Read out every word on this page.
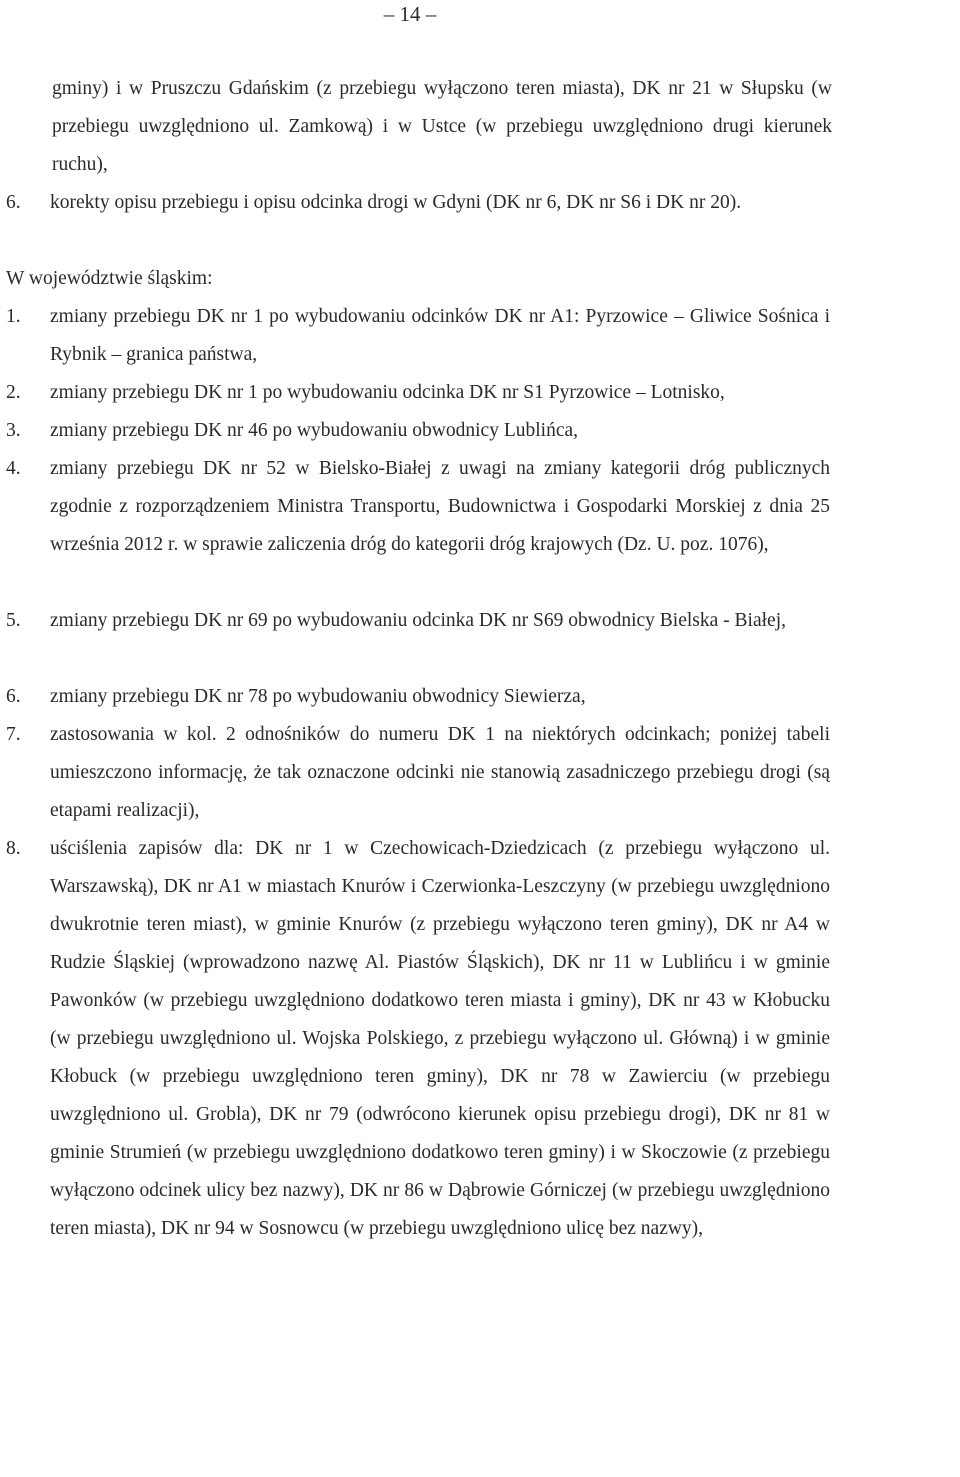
– 14 –

gminy) i w Pruszczu Gdańskim (z przebiegu wyłączono teren miasta), DK nr 21 w Słupsku (w przebiegu uwzględniono ul. Zamkową) i w Ustce (w przebiegu uwzględniono drugi kierunek ruchu),

6. korekty opisu przebiegu i opisu odcinka drogi w Gdyni (DK nr 6, DK nr S6 i DK nr 20).
W województwie śląskim:
1. zmiany przebiegu DK nr 1 po wybudowaniu odcinków DK nr A1: Pyrzowice – Gliwice Sośnica i Rybnik – granica państwa,
2. zmiany przebiegu DK nr 1 po wybudowaniu odcinka DK nr S1 Pyrzowice – Lotnisko,
3. zmiany przebiegu DK nr 46 po wybudowaniu obwodnicy Lublińca,
4. zmiany przebiegu DK nr 52 w Bielsko-Białej z uwagi na zmiany kategorii dróg publicznych zgodnie z rozporządzeniem Ministra Transportu, Budownictwa i Gospodarki Morskiej z dnia 25 września 2012 r. w sprawie zaliczenia dróg do kategorii dróg krajowych (Dz. U. poz. 1076),
5. zmiany przebiegu DK nr 69 po wybudowaniu odcinka DK nr S69 obwodnicy Bielska - Białej,
6. zmiany przebiegu DK nr 78 po wybudowaniu obwodnicy Siewierza,
7. zastosowania w kol. 2 odnośników do numeru DK 1 na niektórych odcinkach; poniżej tabeli umieszczono informację, że tak oznaczone odcinki nie stanowią zasadniczego przebiegu drogi (są etapami realizacji),
8. uściślenia zapisów dla: DK nr 1 w Czechowicach-Dziedzicach (z przebiegu wyłączono ul. Warszawską), DK nr A1 w miastach Knurów i Czerwionka-Leszczyny (w przebiegu uwzględniono dwukrotnie teren miast), w gminie Knurów (z przebiegu wyłączono teren gminy), DK nr A4 w Rudzie Śląskiej (wprowadzono nazwę Al. Piastów Śląskich), DK nr 11 w Lublińcu i w gminie Pawonków (w przebiegu uwzględniono dodatkowo teren miasta i gminy), DK nr 43 w Kłobucku (w przebiegu uwzględniono ul. Wojska Polskiego, z przebiegu wyłączono ul. Główną) i w gminie Kłobuck (w przebiegu uwzględniono teren gminy), DK nr 78 w Zawierciu (w przebiegu uwzględniono ul. Grobla), DK nr 79 (odwrócono kierunek opisu przebiegu drogi), DK nr 81 w gminie Strumień (w przebiegu uwzględniono dodatkowo teren gminy) i w Skoczowie (z przebiegu wyłączono odcinek ulicy bez nazwy), DK nr 86 w Dąbrowie Górniczej (w przebiegu uwzględniono teren miasta), DK nr 94 w Sosnowcu (w przebiegu uwzględniono ulicę bez nazwy),
